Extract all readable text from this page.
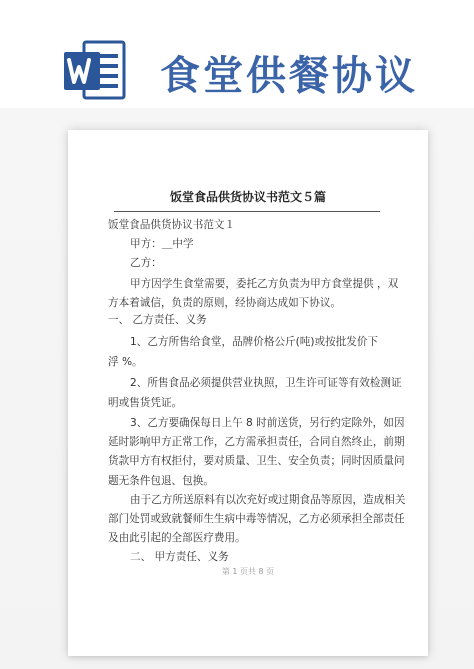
食堂供餐协议
饭堂食品供货协议书范文５篇
饭堂食品供货协议书范文１
甲方：＿中学
乙方：
甲方因学生食堂需要，委托乙方负责为甲方食堂提供 ，双
方本着诚信，负责的原则，经协商达成如下协议。
一、 乙方责任、义务
1、乙方所售给食堂，品牌价格公斤(吨)或按批发价下
浮 %。
2、所售食品必须提供营业执照，卫生许可证等有效检测证
明或售货凭证。
3、乙方要确保每日上午 8 时前送货，另行约定除外，如因
延时影响甲方正常工作，乙方需承担责任，合同自然终止，前期
货款甲方有权拒付，要对质量、卫生、安全负责；同时因质量问
题无条件包退、包换。
由于乙方所送原料有以次充好或过期食品等原因，造成相关
部门处罚或致就餐师生生病中毒等情况，乙方必须承担全部责任
及由此引起的全部医疗费用。
二、 甲方责任、义务
第 1 页共 8 页
